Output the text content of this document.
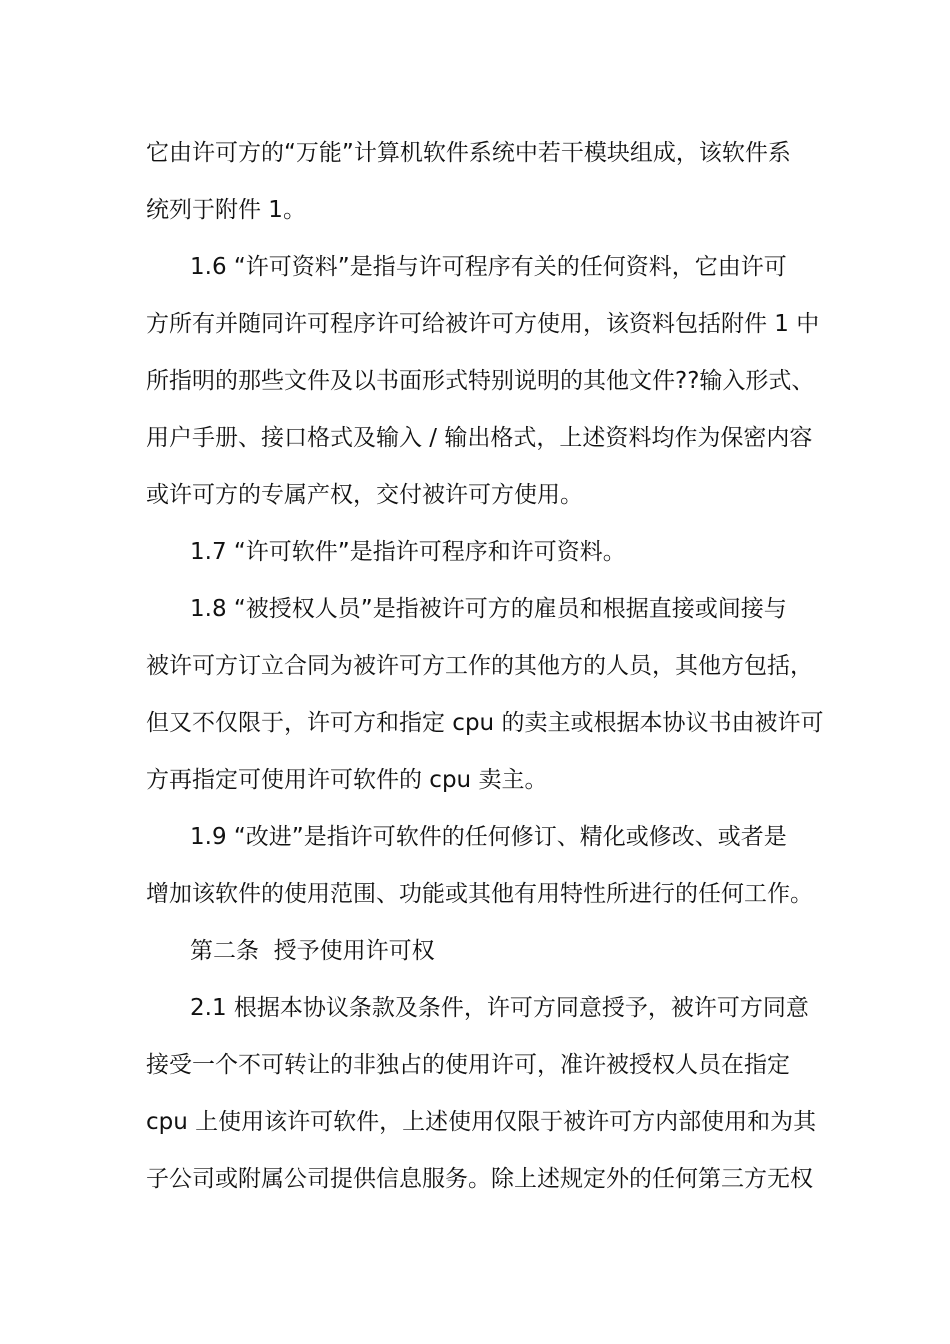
它由许可方的“万能”计算机软件系统中若干模块组成，该软件系
统列于附件 1。
1.6 “许可资料”是指与许可程序有关的任何资料，它由许可
方所有并随同许可程序许可给被许可方使用，该资料包括附件 1 中
所指明的那些文件及以书面形式特别说明的其他文件??输入形式、
用户手册、接口格式及输入 / 输出格式，上述资料均作为保密内容
或许可方的专属产权，交付被许可方使用。
1.7 “许可软件”是指许可程序和许可资料。
1.8 “被授权人员”是指被许可方的雇员和根据直接或间接与
被许可方订立合同为被许可方工作的其他方的人员，其他方包括，
但又不仅限于，许可方和指定 cpu 的卖主或根据本协议书由被许可
方再指定可使用许可软件的 cpu 卖主。
1.9 “改进”是指许可软件的任何修订、精化或修改、或者是
增加该软件的使用范围、功能或其他有用特性所进行的任何工作。
第二条  授予使用许可权
2.1 根据本协议条款及条件，许可方同意授予，被许可方同意
接受一个不可转让的非独占的使用许可，准许被授权人员在指定
cpu 上使用该许可软件，上述使用仅限于被许可方内部使用和为其
子公司或附属公司提供信息服务。除上述规定外的任何第三方无权
